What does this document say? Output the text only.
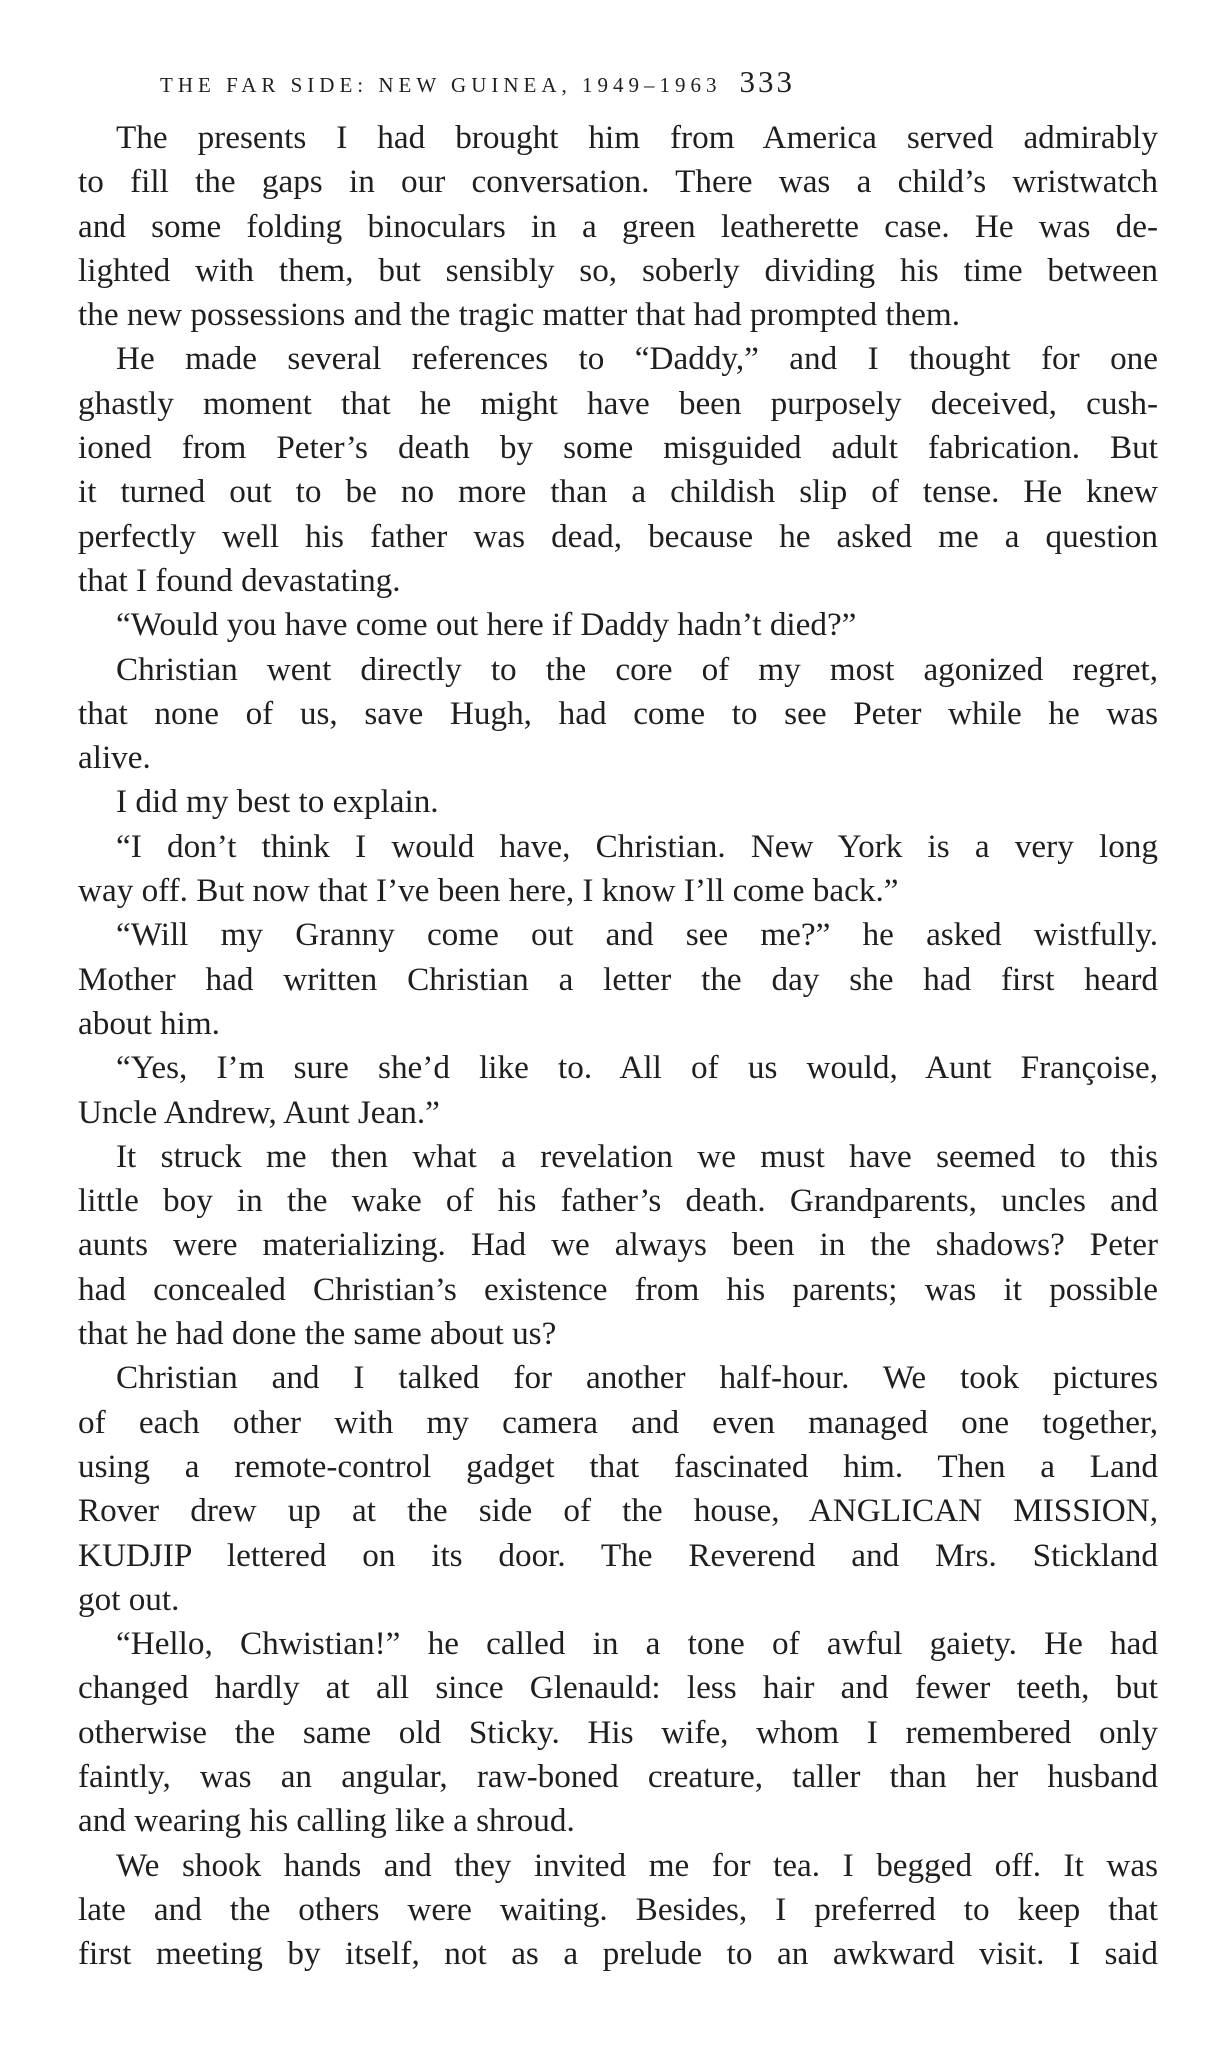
THE FAR SIDE: NEW GUINEA, 1949–1963 333
The presents I had brought him from America served admirably
to fill the gaps in our conversation. There was a child’s wristwatch
and some folding binoculars in a green leatherette case. He was de-
lighted with them, but sensibly so, soberly dividing his time between
the new possessions and the tragic matter that had prompted them.
He made several references to “Daddy,” and I thought for one
ghastly moment that he might have been purposely deceived, cush-
ioned from Peter’s death by some misguided adult fabrication. But
it turned out to be no more than a childish slip of tense. He knew
perfectly well his father was dead, because he asked me a question
that I found devastating.
“Would you have come out here if Daddy hadn’t died?”
Christian went directly to the core of my most agonized regret,
that none of us, save Hugh, had come to see Peter while he was
alive.
I did my best to explain.
“I don’t think I would have, Christian. New York is a very long
way off. But now that I’ve been here, I know I’ll come back.”
“Will my Granny come out and see me?” he asked wistfully.
Mother had written Christian a letter the day she had first heard
about him.
“Yes, I’m sure she’d like to. All of us would, Aunt Françoise,
Uncle Andrew, Aunt Jean.”
It struck me then what a revelation we must have seemed to this
little boy in the wake of his father’s death. Grandparents, uncles and
aunts were materializing. Had we always been in the shadows? Peter
had concealed Christian’s existence from his parents; was it possible
that he had done the same about us?
Christian and I talked for another half-hour. We took pictures
of each other with my camera and even managed one together,
using a remote-control gadget that fascinated him. Then a Land
Rover drew up at the side of the house, ANGLICAN MISSION,
KUDJIP lettered on its door. The Reverend and Mrs. Stickland
got out.
“Hello, Chwistian!” he called in a tone of awful gaiety. He had
changed hardly at all since Glenauld: less hair and fewer teeth, but
otherwise the same old Sticky. His wife, whom I remembered only
faintly, was an angular, raw-boned creature, taller than her husband
and wearing his calling like a shroud.
We shook hands and they invited me for tea. I begged off. It was
late and the others were waiting. Besides, I preferred to keep that
first meeting by itself, not as a prelude to an awkward visit. I said
